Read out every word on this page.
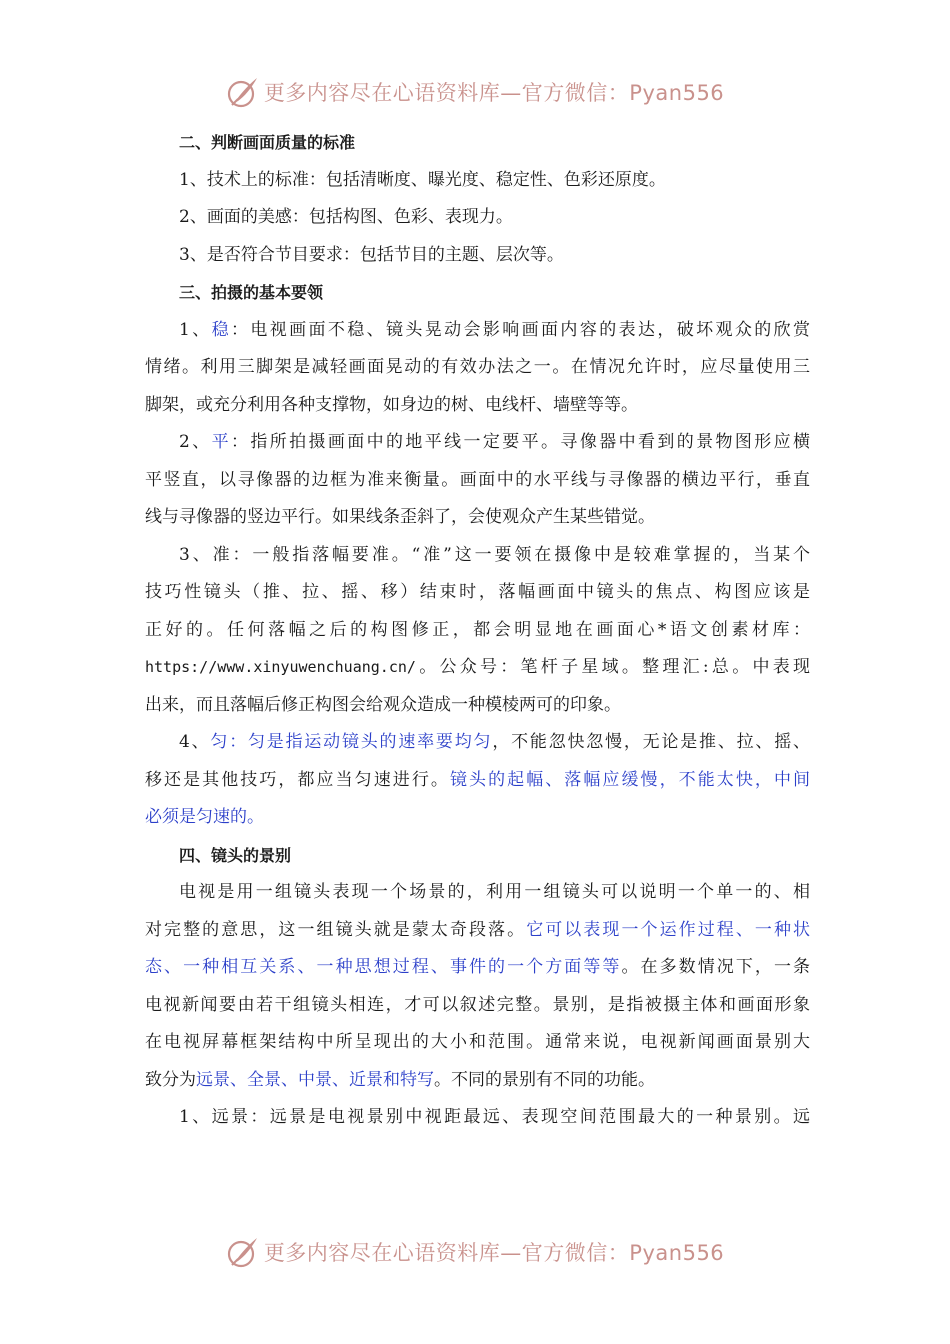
更多内容尽在心语资料库—官方微信：Pyan556
二、判断画面质量的标准
1、技术上的标准：包括清晰度、曝光度、稳定性、色彩还原度。
2、画面的美感：包括构图、色彩、表现力。
3、是否符合节目要求：包括节目的主题、层次等。
三、拍摄的基本要领
1、稳：电视画面不稳、镜头晃动会影响画面内容的表达，破坏观众的欣赏
情绪。利用三脚架是减轻画面晃动的有效办法之一。在情况允许时，应尽量使用三
脚架，或充分利用各种支撑物，如身边的树、电线杆、墙壁等等。
2、平：指所拍摄画面中的地平线一定要平。寻像器中看到的景物图形应横
平竖直，以寻像器的边框为准来衡量。画面中的水平线与寻像器的横边平行，垂直
线与寻像器的竖边平行。如果线条歪斜了，会使观众产生某些错觉。
3、准：一般指落幅要准。“准”这一要领在摄像中是较难掌握的，当某个
技巧性镜头（推、拉、摇、移）结束时，落幅画面中镜头的焦点、构图应该是
正好的。任何落幅之后的构图修正，都会明显地在画面心*语文创素材库：
https://www.xinyuwenchuang.cn/。公众号：笔杆子星域。整理汇:总。中表现
出来，而且落幅后修正构图会给观众造成一种模棱两可的印象。
4、匀：匀是指运动镜头的速率要均匀，不能忽快忽慢，无论是推、拉、摇、
移还是其他技巧，都应当匀速进行。镜头的起幅、落幅应缓慢，不能太快，中间
必须是匀速的。
四、镜头的景别
电视是用一组镜头表现一个场景的，利用一组镜头可以说明一个单一的、相
对完整的意思，这一组镜头就是蒙太奇段落。它可以表现一个运作过程、一种状
态、一种相互关系、一种思想过程、事件的一个方面等等。在多数情况下，一条
电视新闻要由若干组镜头相连，才可以叙述完整。景别，是指被摄主体和画面形象
在电视屏幕框架结构中所呈现出的大小和范围。通常来说，电视新闻画面景别大
致分为远景、全景、中景、近景和特写。不同的景别有不同的功能。
1、远景：远景是电视景别中视距最远、表现空间范围最大的一种景别。远
更多内容尽在心语资料库—官方微信：Pyan556
